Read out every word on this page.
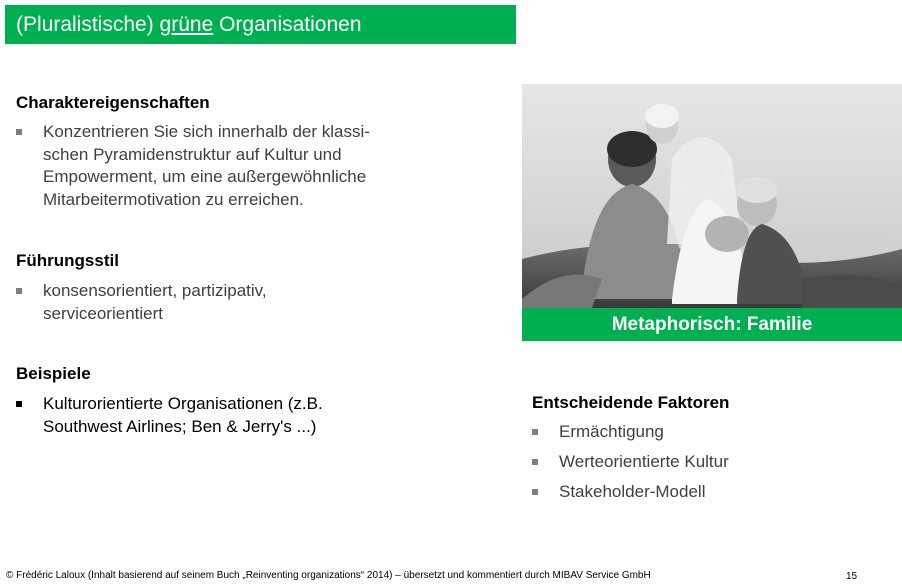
(Pluralistische) grüne Organisationen
Charaktereigenschaften
Konzentrieren Sie sich innerhalb der klassi-
schen Pyramidenstruktur auf Kultur und
Empowerment, um eine außergewöhnliche
Mitarbeitermotivation zu erreichen.
Führungsstil
konsensorientiert, partizipativ,
serviceorientiert
Beispiele
Kulturorientierte Organisationen (z.B.
Southwest Airlines; Ben & Jerry's ...)
Metaphorisch: Familie
Entscheidende Faktoren
Ermächtigung
Werteorientierte Kultur
Stakeholder-Modell
© Frédéric Laloux (Inhalt basierend auf seinem Buch „Reinventing organizations“ 2014) – übersetzt und kommentiert durch MIBAV Service GmbH	15
